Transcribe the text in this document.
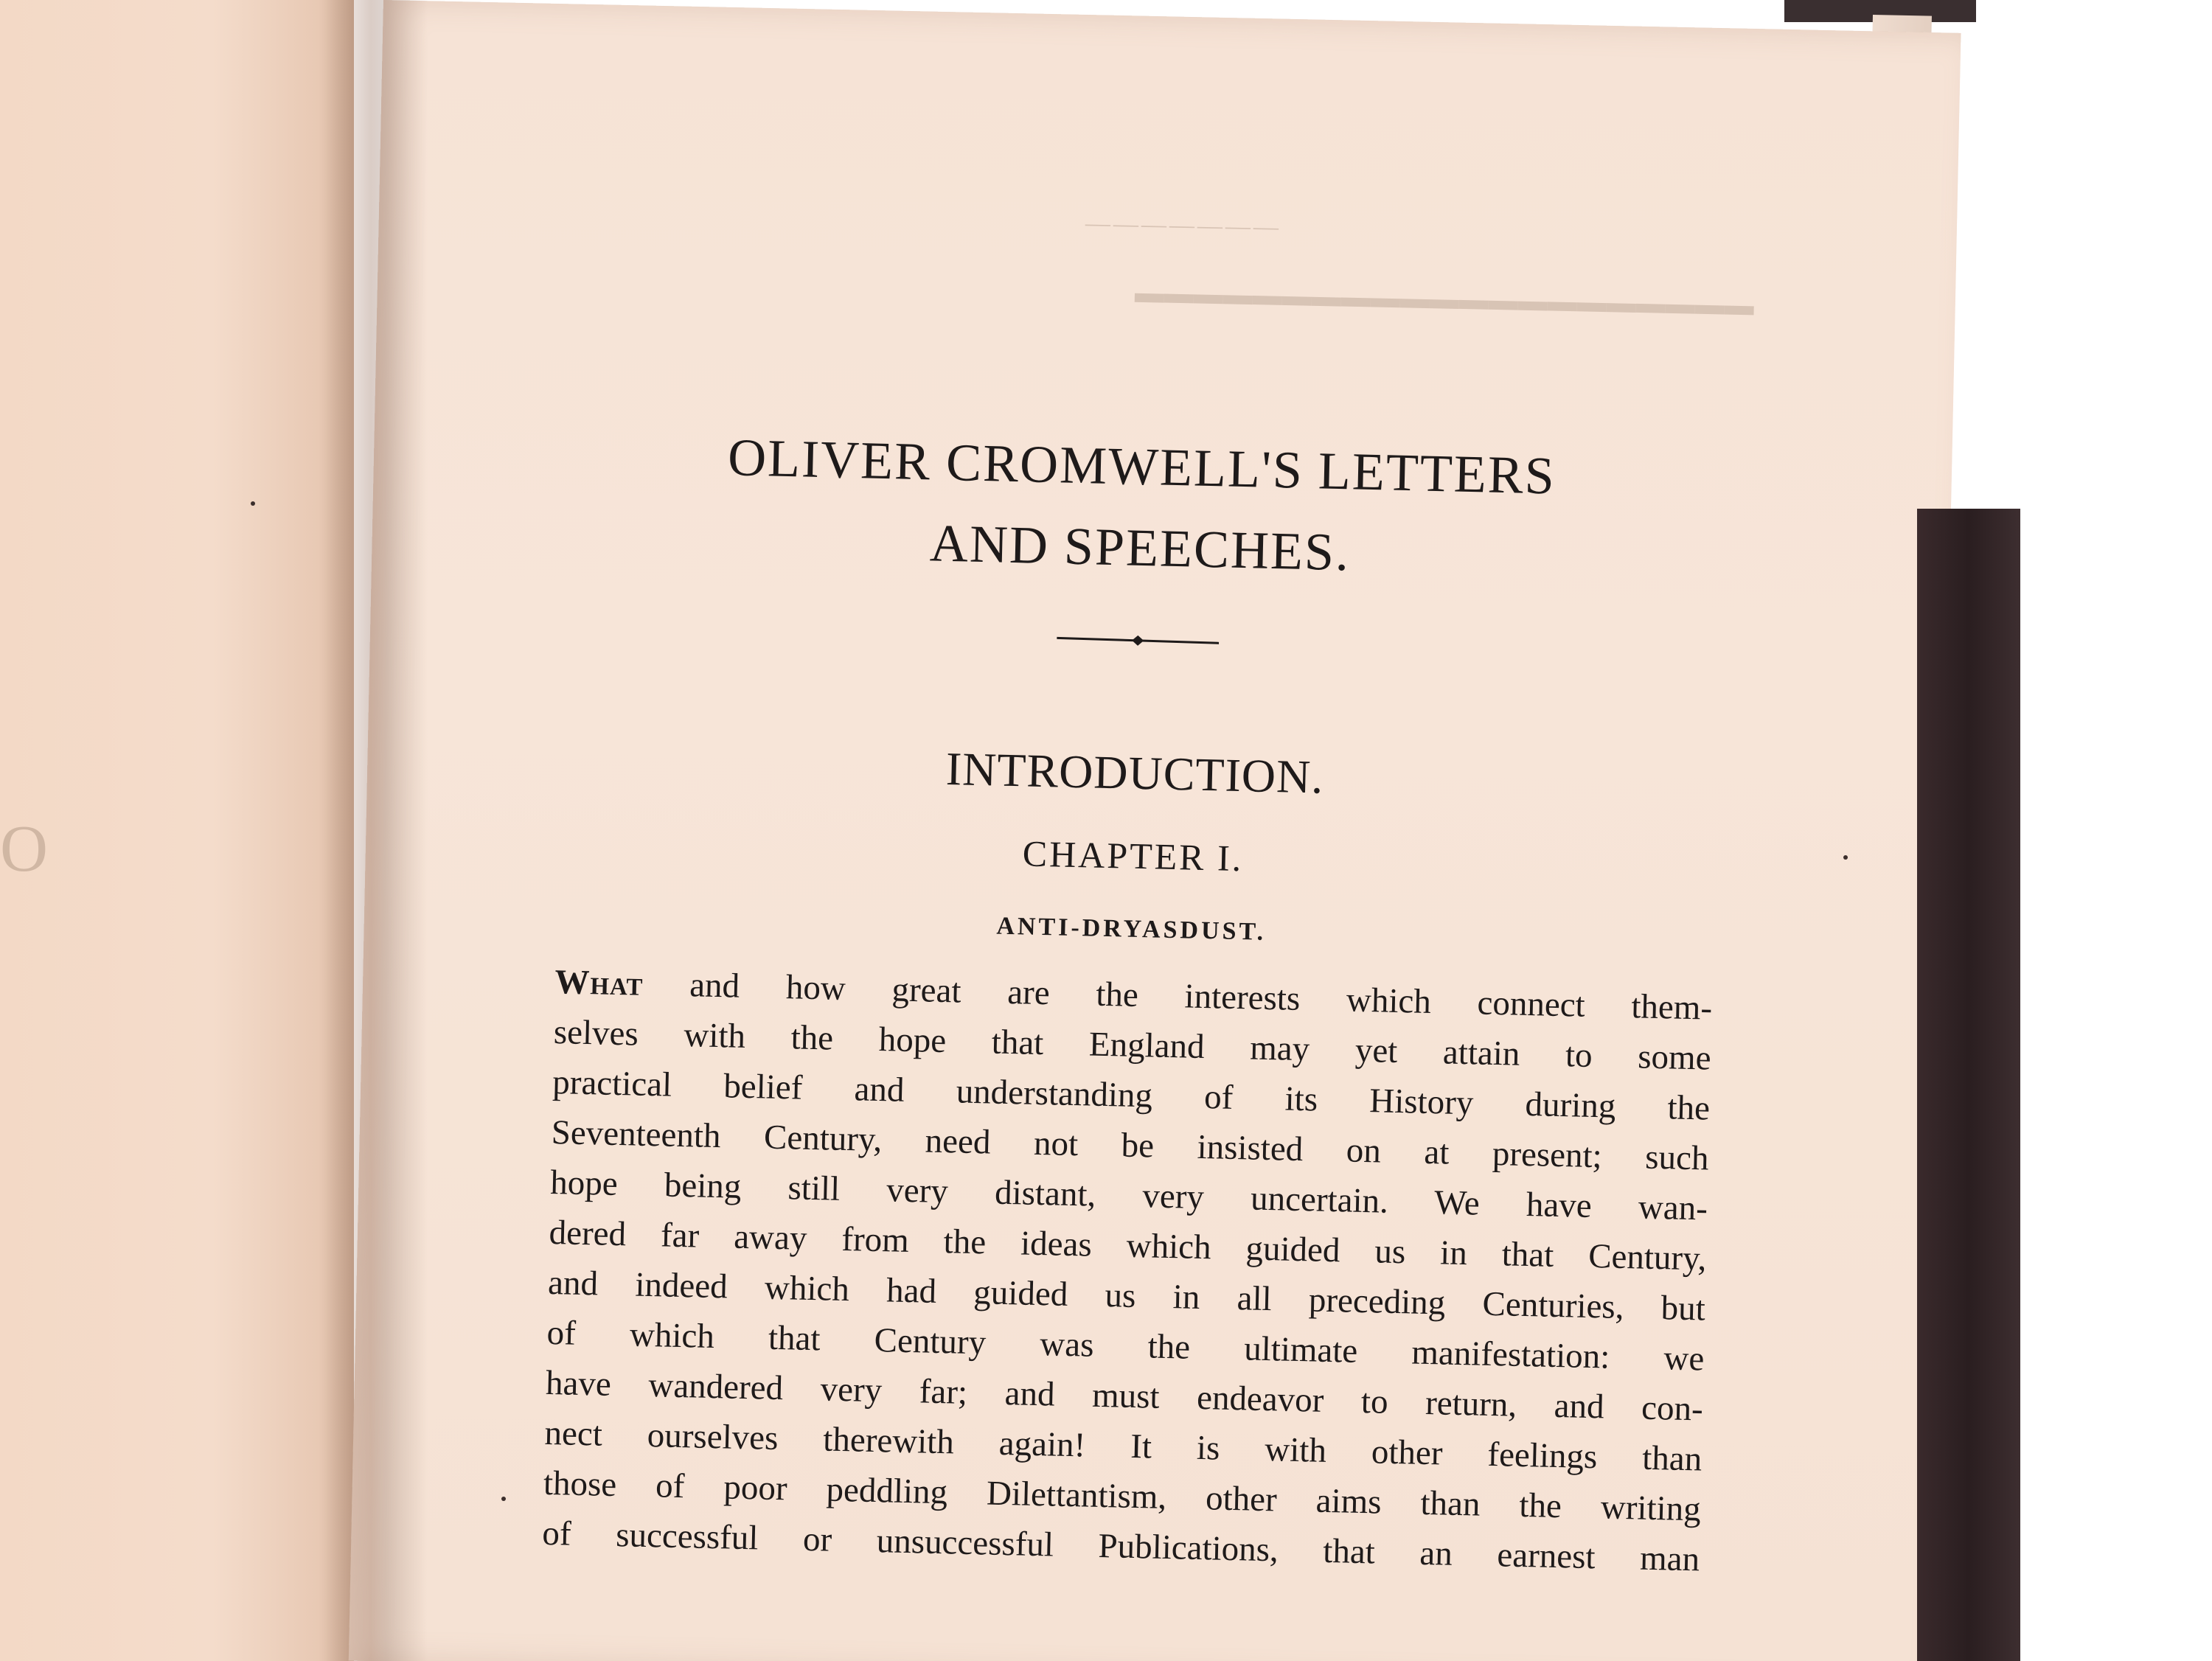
O
———————
▬▬▬▬▬▬▬▬▬▬▬▬▬▬▬▬▬▬▬▬▬
OLIVER CROMWELL'S LETTERS
AND SPEECHES.
INTRODUCTION.
CHAPTER I.
ANTI-DRYASDUST.
What and how great are the interests which connect them-
selves with the hope that England may yet attain to some
practical belief and understanding of its History during the
Seventeenth Century, need not be insisted on at present; such
hope being still very distant, very uncertain. We have wan-
dered far away from the ideas which guided us in that Century,
and indeed which had guided us in all preceding Centuries, but
of which that Century was the ultimate manifestation: we
have wandered very far; and must endeavor to return, and con-
nect ourselves therewith again! It is with other feelings than
those of poor peddling Dilettantism, other aims than the writing
of successful or unsuccessful Publications, that an earnest man
